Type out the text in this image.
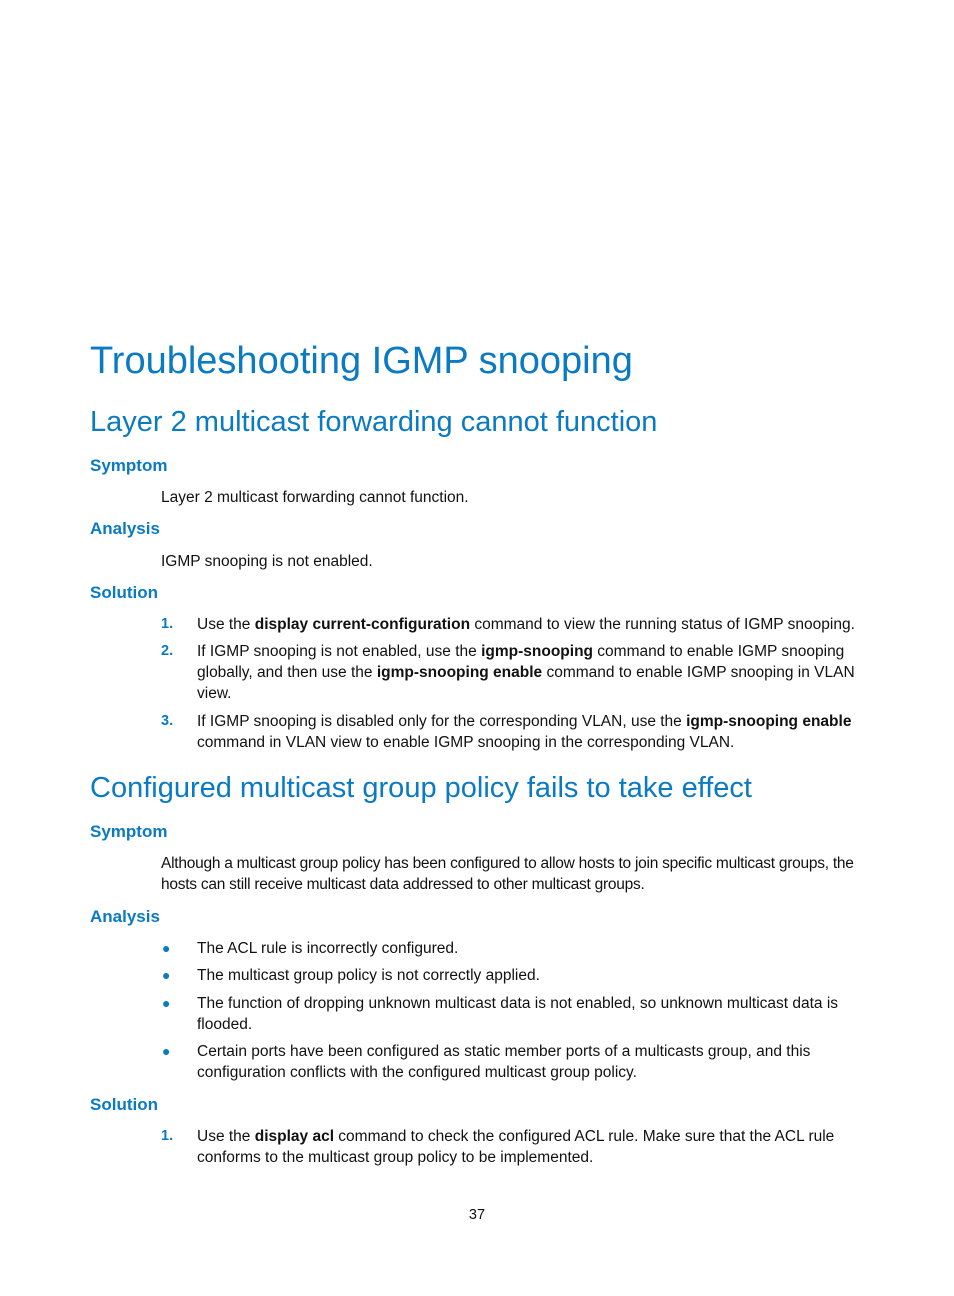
Troubleshooting IGMP snooping
Layer 2 multicast forwarding cannot function
Symptom

Layer 2 multicast forwarding cannot function.

Analysis

IGMP snooping is not enabled.

Solution
1. Use the display current-configuration command to view the running status of IGMP snooping.
2. If IGMP snooping is not enabled, use the igmp-snooping command to enable IGMP snooping globally, and then use the igmp-snooping enable command to enable IGMP snooping in VLAN view.
3. If IGMP snooping is disabled only for the corresponding VLAN, use the igmp-snooping enable command in VLAN view to enable IGMP snooping in the corresponding VLAN.
Configured multicast group policy fails to take effect
Symptom

Although a multicast group policy has been configured to allow hosts to join specific multicast groups, the hosts can still receive multicast data addressed to other multicast groups.

Analysis
● The ACL rule is incorrectly configured.
● The multicast group policy is not correctly applied.
● The function of dropping unknown multicast data is not enabled, so unknown multicast data is flooded.
● Certain ports have been configured as static member ports of a multicasts group, and this configuration conflicts with the configured multicast group policy.
Solution
1. Use the display acl command to check the configured ACL rule. Make sure that the ACL rule conforms to the multicast group policy to be implemented.
37
